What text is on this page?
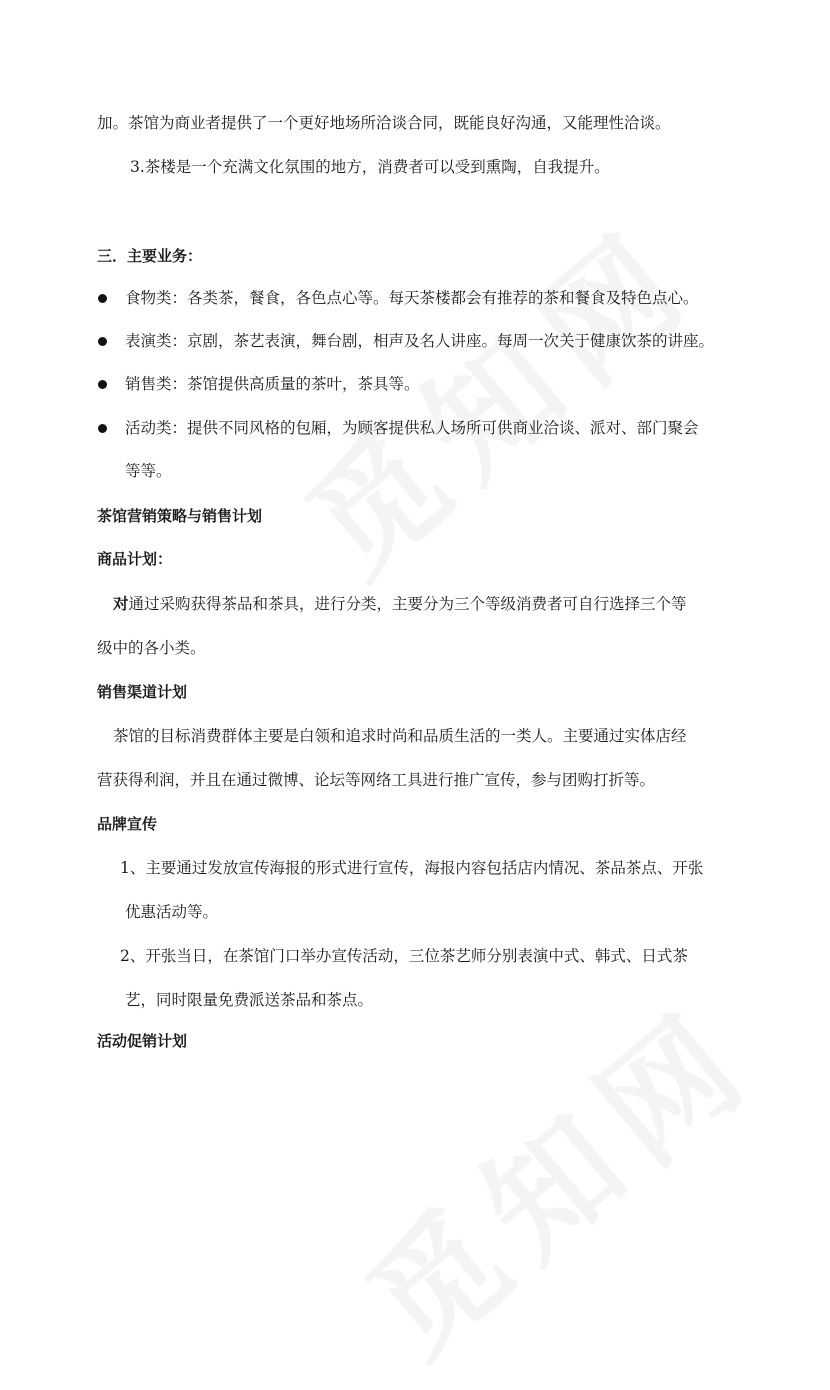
加。茶馆为商业者提供了一个更好地场所洽谈合同，既能良好沟通，又能理性洽谈。
3.茶楼是一个充满文化氛围的地方，消费者可以受到熏陶，自我提升。
三．主要业务：
食物类：各类茶，餐食，各色点心等。每天茶楼都会有推荐的茶和餐食及特色点心。
表演类：京剧，茶艺表演，舞台剧，相声及名人讲座。每周一次关于健康饮茶的讲座。
销售类：茶馆提供高质量的茶叶，茶具等。
活动类：提供不同风格的包厢，为顾客提供私人场所可供商业洽谈、派对、部门聚会
等等。
茶馆营销策略与销售计划
商品计划：
对通过采购获得茶品和茶具，进行分类，主要分为三个等级消费者可自行选择三个等
级中的各小类。
销售渠道计划
茶馆的目标消费群体主要是白领和追求时尚和品质生活的一类人。主要通过实体店经
营获得利润，并且在通过微博、论坛等网络工具进行推广宣传，参与团购打折等。
品牌宣传
1、主要通过发放宣传海报的形式进行宣传，海报内容包括店内情况、茶品茶点、开张
优惠活动等。
2、开张当日，在茶馆门口举办宣传活动，三位茶艺师分别表演中式、韩式、日式茶
艺，同时限量免费派送茶品和茶点。
活动促销计划
